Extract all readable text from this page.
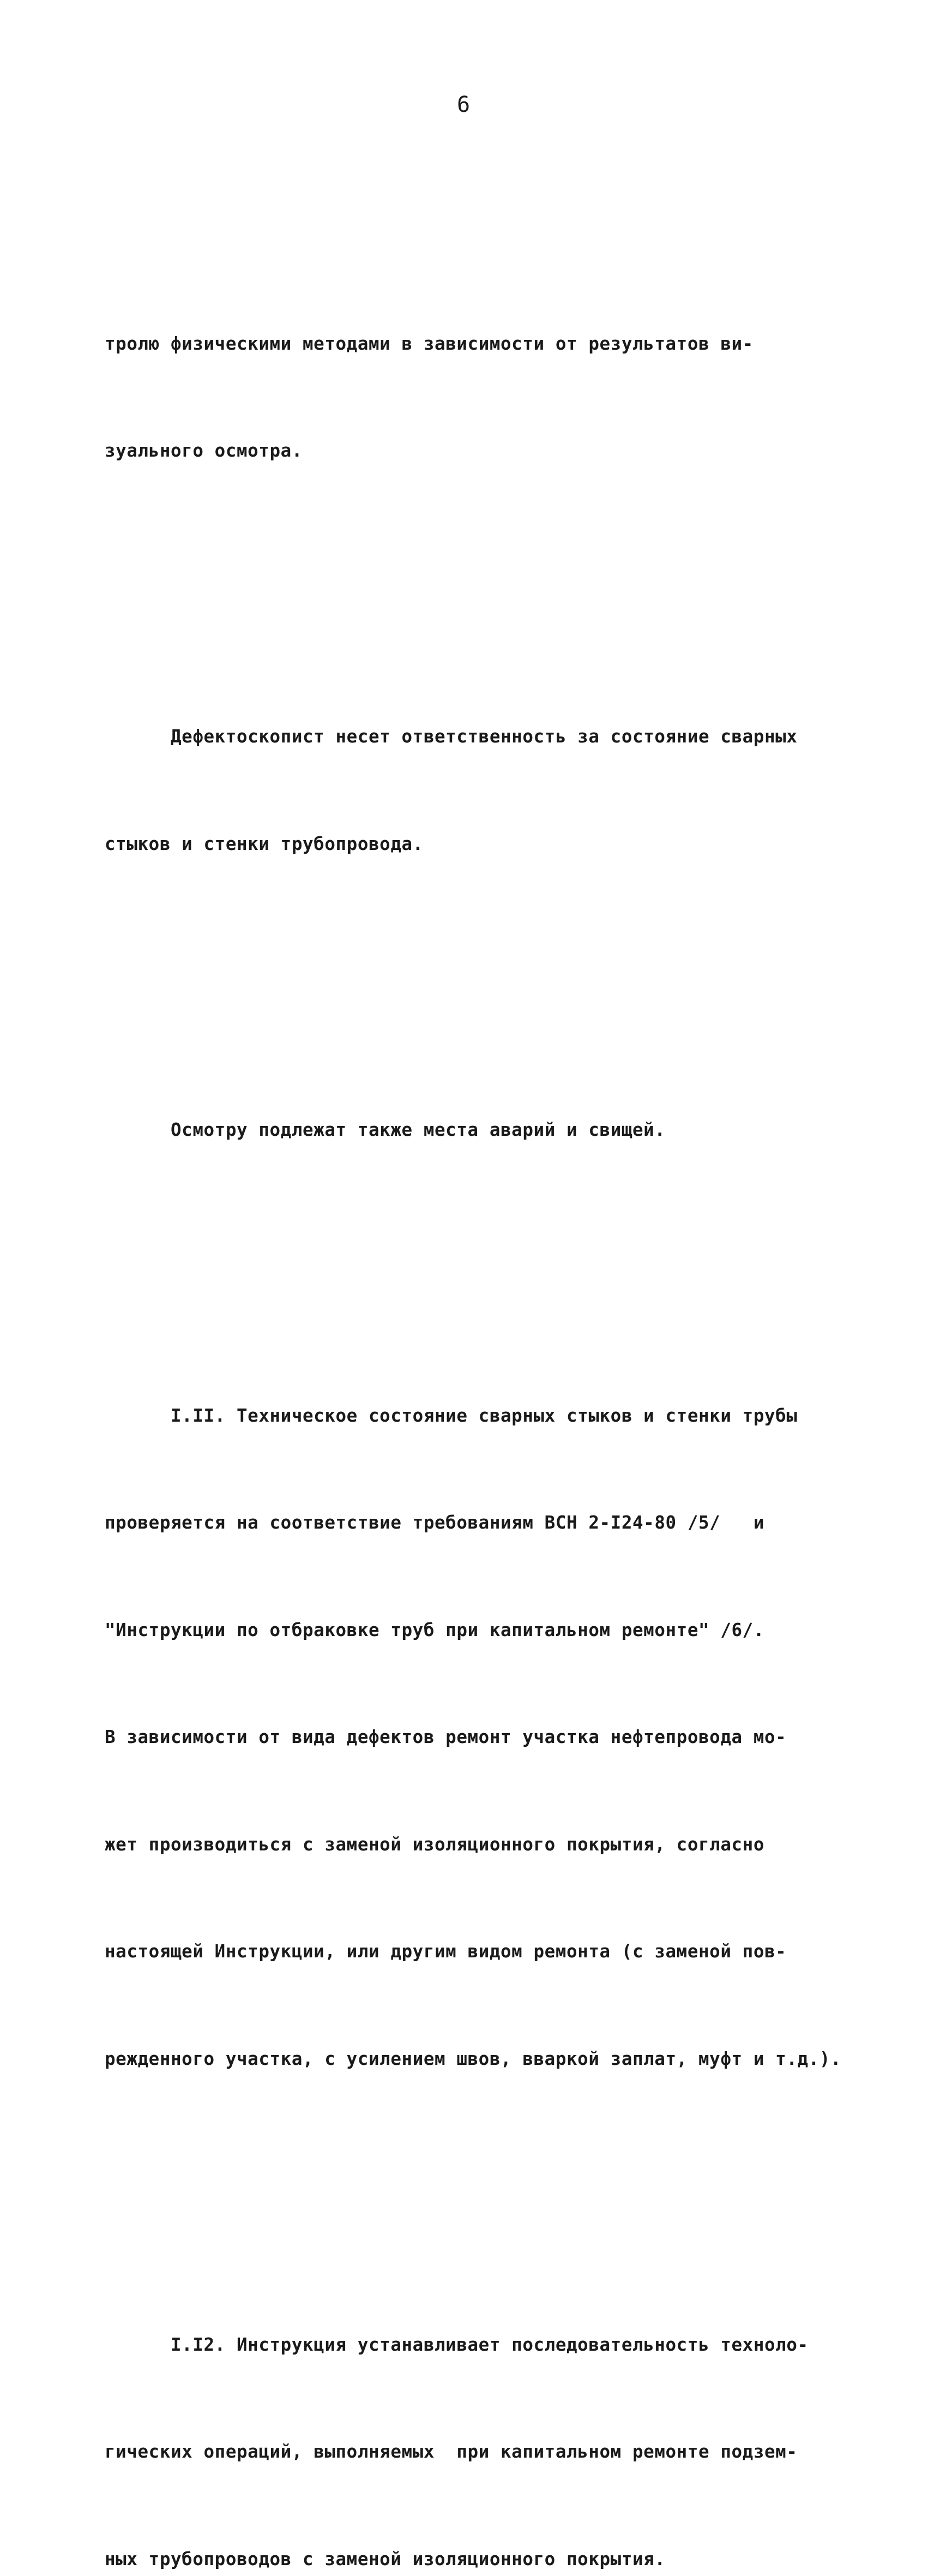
6

тролю физическими методами в зависимости от результатов ви-

зуального осмотра.

Дефектоскопист несет ответственность за состояние сварных

стыков и стенки трубопровода.

Осмотру подлежат также места аварий и свищей.

I.II. Техническое состояние сварных стыков и стенки трубы

проверяется на соответствие требованиям ВСН 2-I24-80 /5/   и

"Инструкции по отбраковке труб при капитальном ремонте" /6/.

В зависимости от вида дефектов ремонт участка нефтепровода мо-

жет производиться с заменой изоляционного покрытия, согласно

настоящей Инструкции, или другим видом ремонта (с заменой пов-

режденного участка, с усилением швов, вваркой заплат, муфт и т.д.).

I.I2. Инструкция устанавливает последовательность техноло-

гических операций, выполняемых  при капитальном ремонте подзем-

ных трубопроводов с заменой изоляционного покрытия.
